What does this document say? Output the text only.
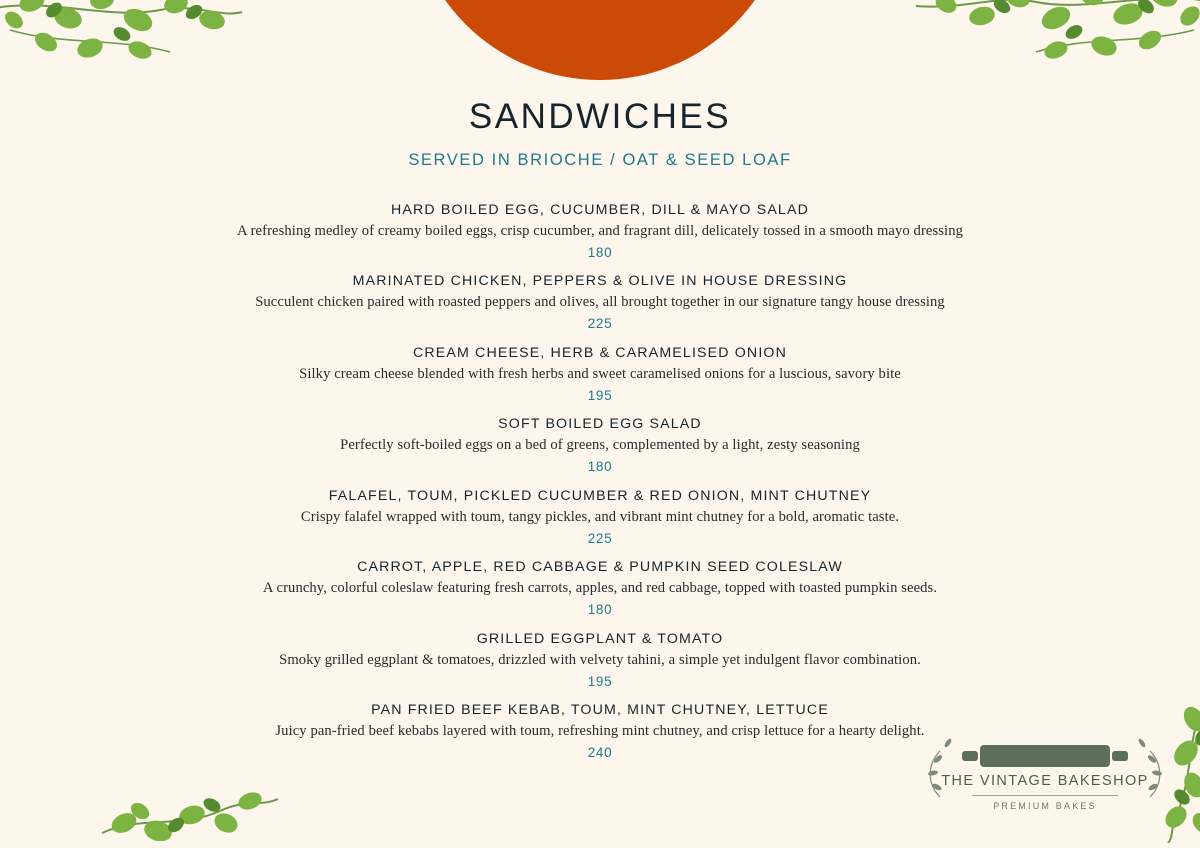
SANDWICHES

SERVED IN BRIOCHE / OAT & SEED LOAF

HARD BOILED EGG, CUCUMBER, DILL & MAYO SALAD

A refreshing medley of creamy boiled eggs, crisp cucumber, and fragrant dill, delicately tossed in a smooth mayo dressing

180

MARINATED CHICKEN, PEPPERS & OLIVE IN HOUSE DRESSING

Succulent chicken paired with roasted peppers and olives, all brought together in our signature tangy house dressing

225

CREAM CHEESE, HERB & CARAMELISED ONION

Silky cream cheese blended with fresh herbs and sweet caramelised onions for a luscious, savory bite

195

SOFT BOILED EGG SALAD

Perfectly soft-boiled eggs on a bed of greens, complemented by a light, zesty seasoning

180

FALAFEL, TOUM, PICKLED CUCUMBER & RED ONION, MINT CHUTNEY

Crispy falafel wrapped with toum, tangy pickles, and vibrant mint chutney for a bold, aromatic taste.

225

CARROT, APPLE, RED CABBAGE & PUMPKIN SEED COLESLAW

A crunchy, colorful coleslaw featuring fresh carrots, apples, and red cabbage, topped with toasted pumpkin seeds.

180

GRILLED EGGPLANT & TOMATO

Smoky grilled eggplant & tomatoes, drizzled with velvety tahini, a simple yet indulgent flavor combination.

195

PAN FRIED BEEF KEBAB, TOUM, MINT CHUTNEY, LETTUCE

Juicy pan-fried beef kebabs layered with toum, refreshing mint chutney, and crisp lettuce for a hearty delight.

240

THE VINTAGE BAKESHOP
PREMIUM BAKES
